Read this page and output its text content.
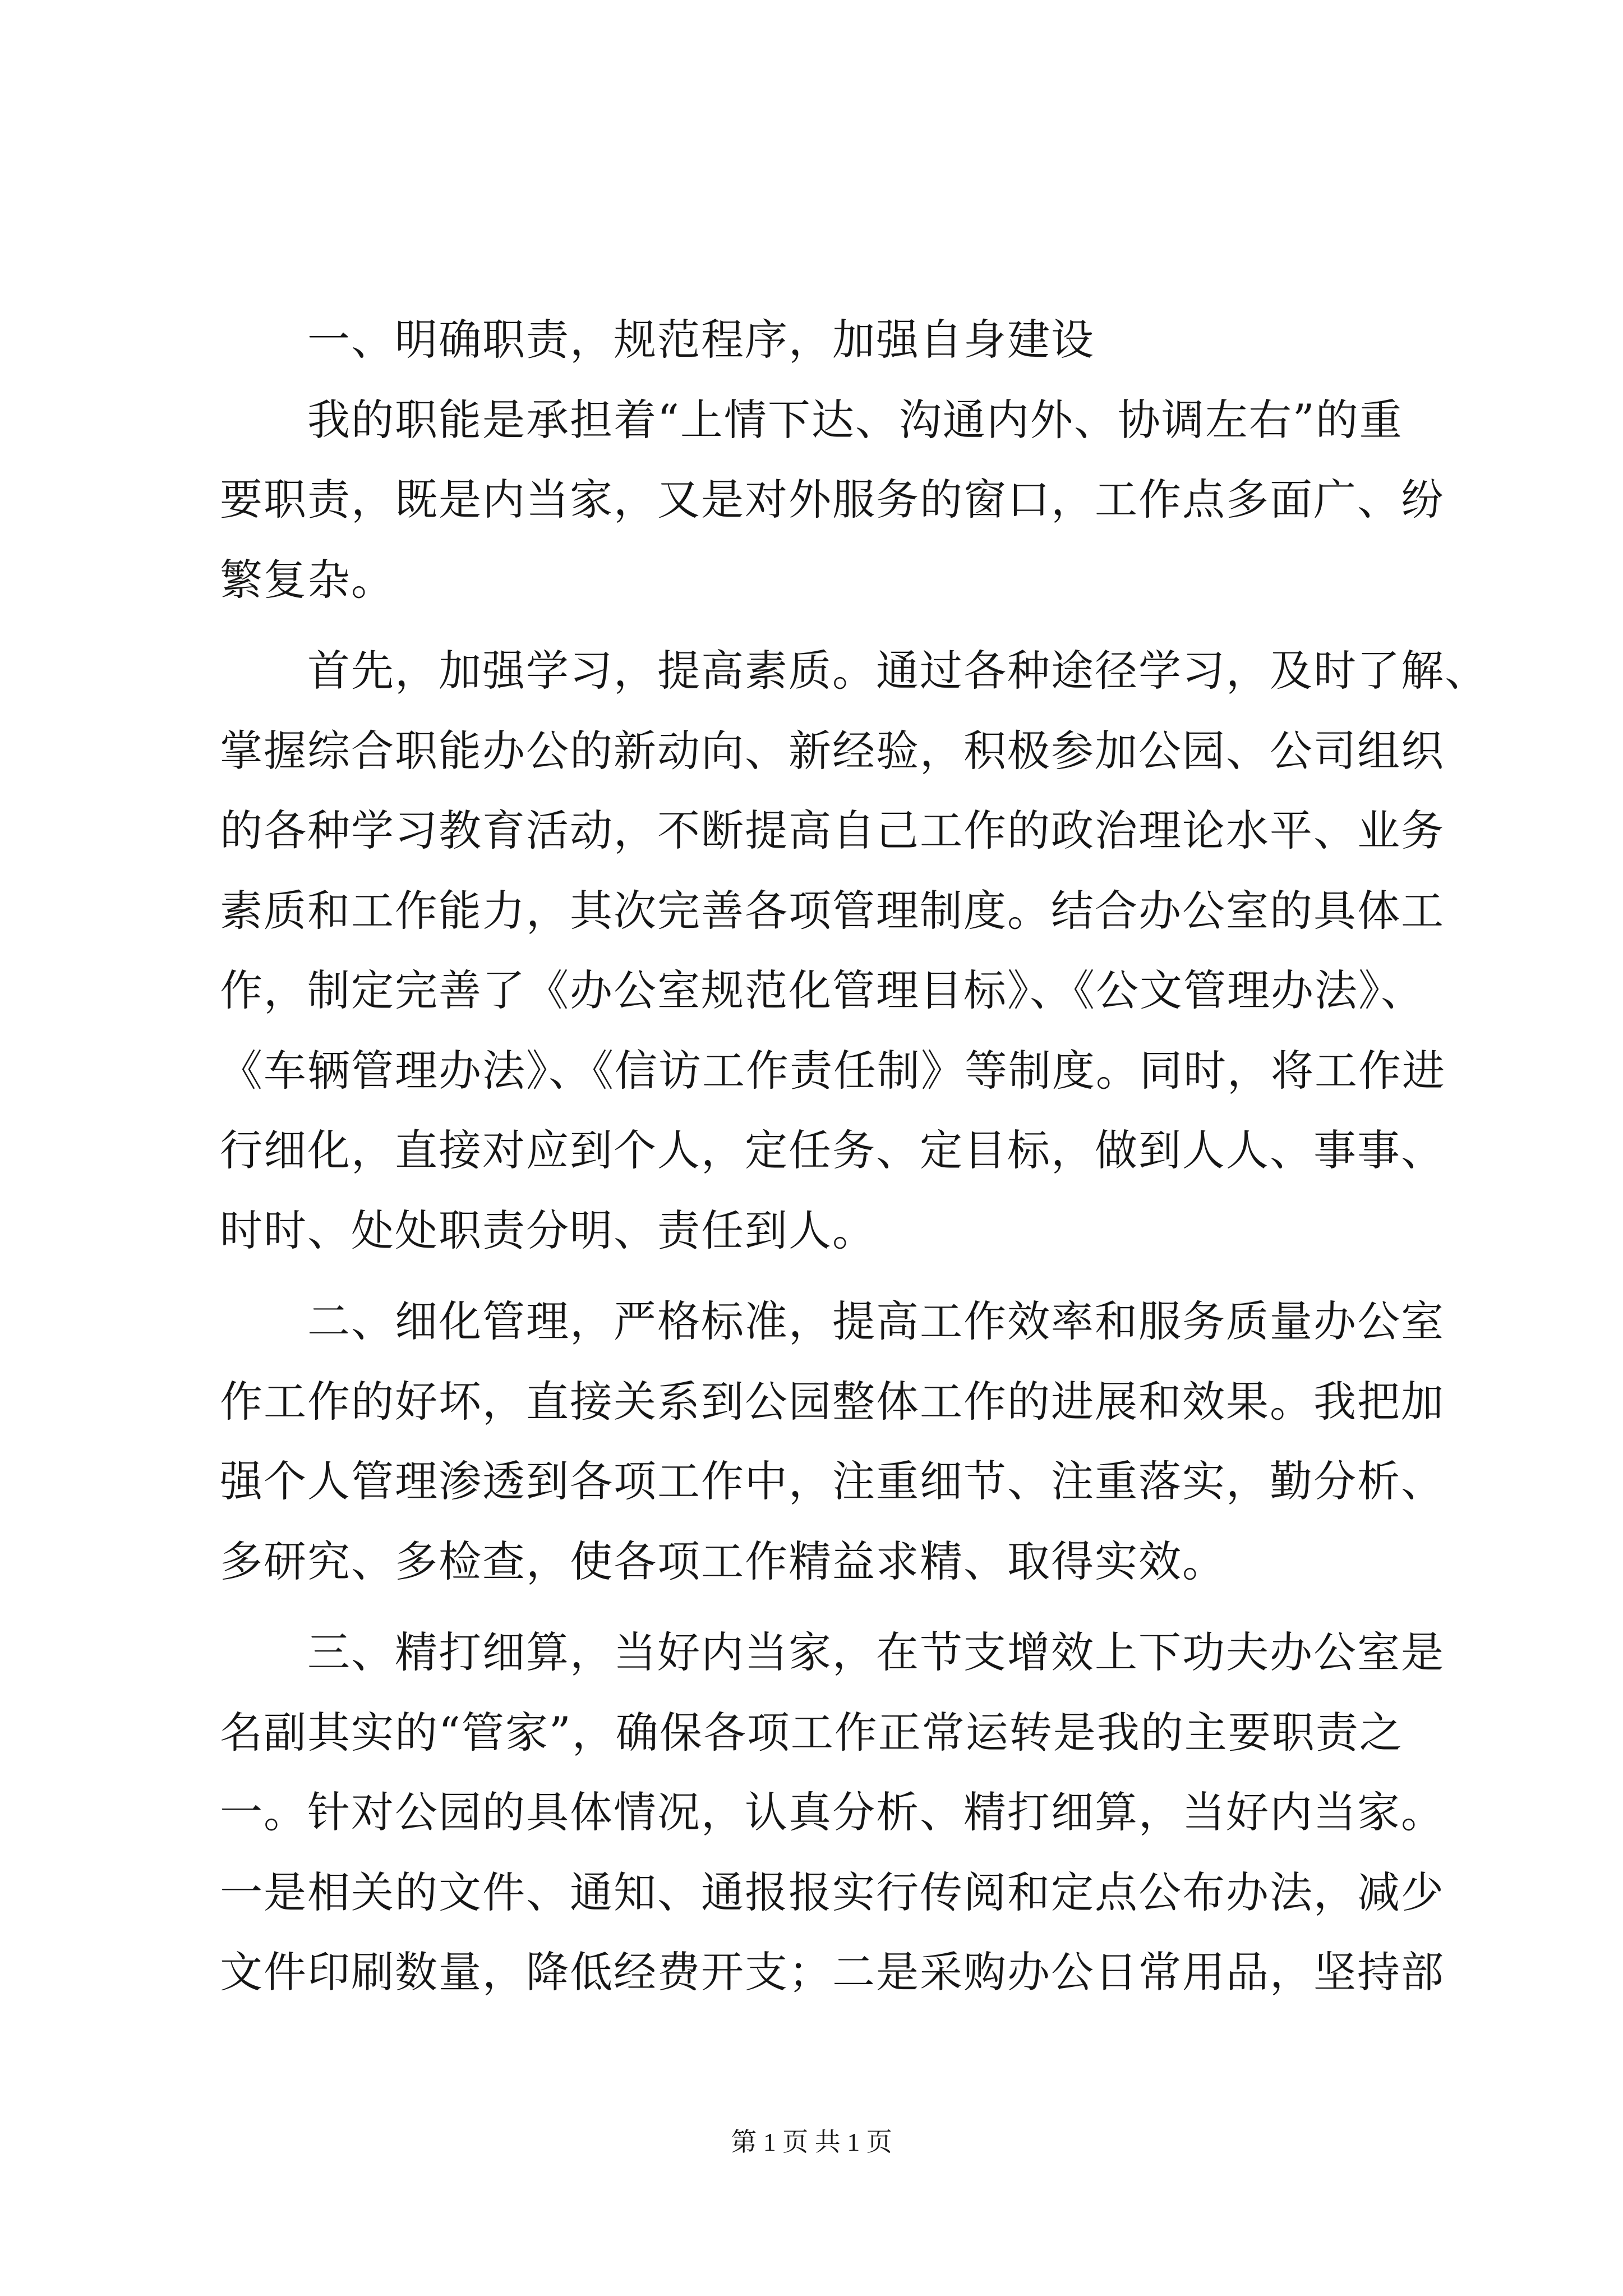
一、明确职责，规范程序，加强自身建设
我的职能是承担着“上情下达、沟通内外、协调左右”的重
要职责，既是内当家，又是对外服务的窗口，工作点多面广、纷
繁复杂。
首先，加强学习，提高素质。通过各种途径学习，及时了解、
掌握综合职能办公的新动向、新经验，积极参加公园、公司组织
的各种学习教育活动，不断提高自己工作的政治理论水平、业务
素质和工作能力，其次完善各项管理制度。结合办公室的具体工
作，制定完善了《办公室规范化管理目标》、《公文管理办法》、
《车辆管理办法》、《信访工作责任制》等制度。同时，将工作进
行细化，直接对应到个人，定任务、定目标，做到人人、事事、
时时、处处职责分明、责任到人。
二、细化管理，严格标准，提高工作效率和服务质量办公室
作工作的好坏，直接关系到公园整体工作的进展和效果。我把加
强个人管理渗透到各项工作中，注重细节、注重落实，勤分析、
多研究、多检查，使各项工作精益求精、取得实效。
三、精打细算，当好内当家，在节支增效上下功夫办公室是
名副其实的“管家”，确保各项工作正常运转是我的主要职责之
一。针对公园的具体情况，认真分析、精打细算，当好内当家。
一是相关的文件、通知、通报报实行传阅和定点公布办法，减少
文件印刷数量，降低经费开支；二是采购办公日常用品，坚持部
第 1 页 共 1 页
